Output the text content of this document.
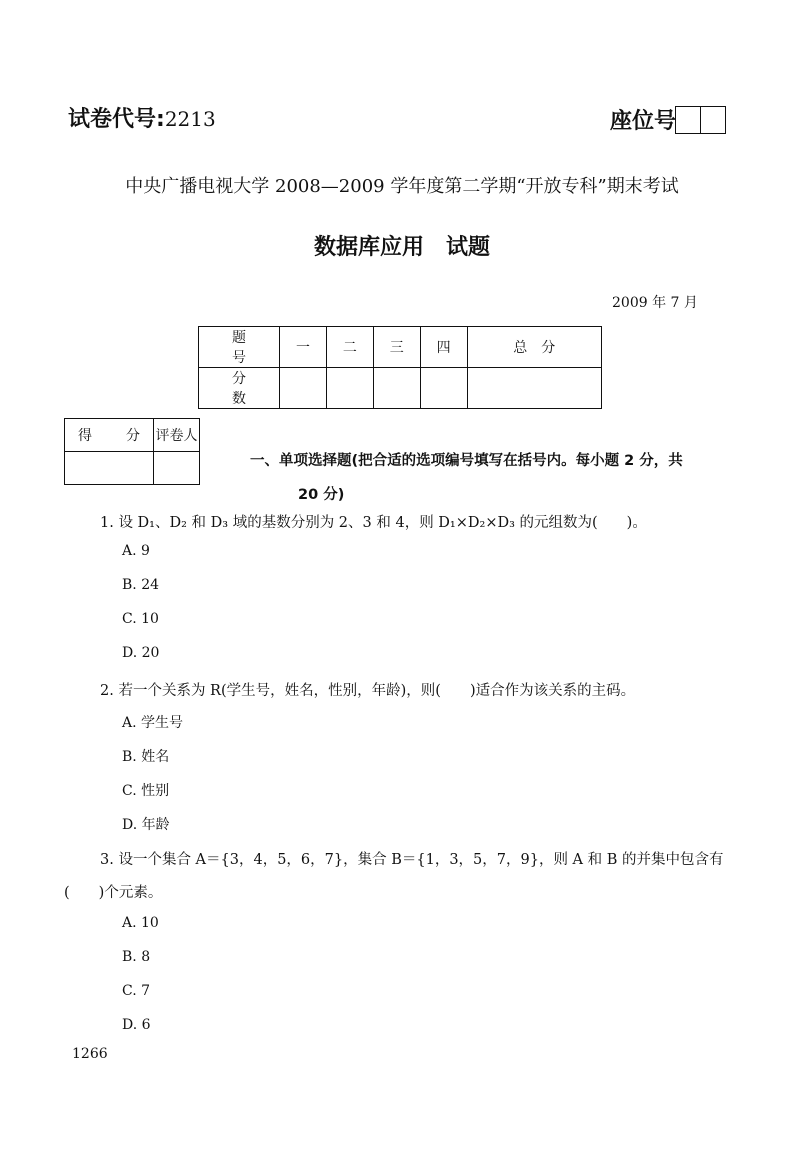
试卷代号:2213	座位号
中央广播电视大学 2008—2009 学年度第二学期“开放专科”期末考试
数据库应用　试题
2009 年 7 月
题　号	一	二	三	四	总　分
分　数					
得　分	评卷人

一、单项选择题(把合适的选项编号填写在括号内。每小题 2 分，共
20 分)
1. 设 D₁、D₂ 和 D₃ 域的基数分别为 2、3 和 4，则 D₁×D₂×D₃ 的元组数为(　　)。
A. 9
B. 24
C. 10
D. 20
2. 若一个关系为 R(学生号，姓名，性别，年龄)，则(　　)适合作为该关系的主码。
A. 学生号
B. 姓名
C. 性别
D. 年龄
3. 设一个集合 A＝{3，4，5，6，7}，集合 B＝{1，3，5，7，9}，则 A 和 B 的并集中包含有
(　　)个元素。
A. 10
B. 8
C. 7
D. 6
1266
